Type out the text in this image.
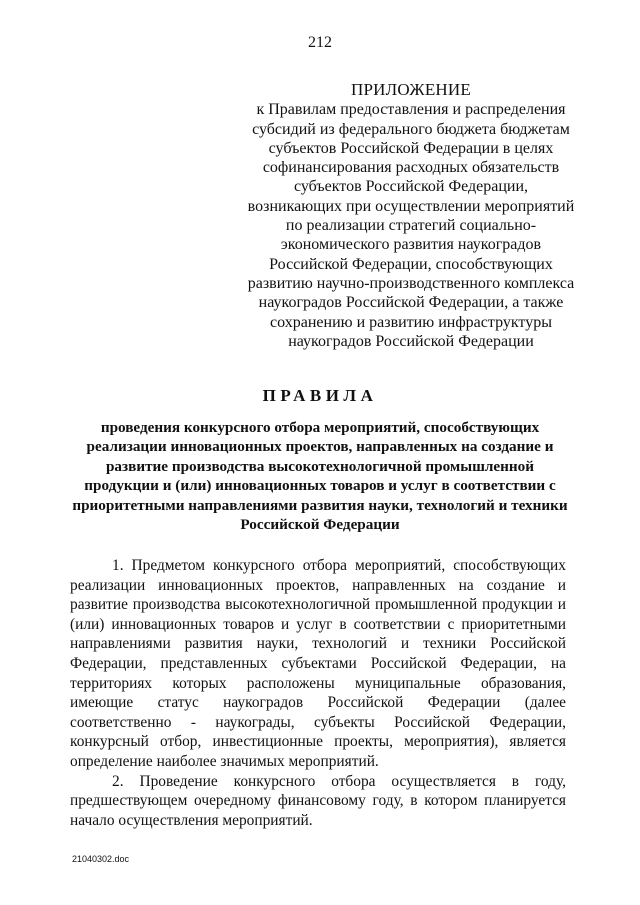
212
ПРИЛОЖЕНИЕ
к Правилам предоставления и распределения субсидий из федерального бюджета бюджетам субъектов Российской Федерации в целях софинансирования расходных обязательств субъектов Российской Федерации, возникающих при осуществлении мероприятий по реализации стратегий социально-экономического развития наукоградов Российской Федерации, способствующих развитию научно-производственного комплекса наукоградов Российской Федерации, а также сохранению и развитию инфраструктуры наукоградов Российской Федерации
ПРАВИЛА
проведения конкурсного отбора мероприятий, способствующих реализации инновационных проектов, направленных на создание и развитие производства высокотехнологичной промышленной продукции и (или) инновационных товаров и услуг в соответствии с приоритетными направлениями развития науки, технологий и техники Российской Федерации

1. Предметом конкурсного отбора мероприятий, способствующих реализации инновационных проектов, направленных на создание и развитие производства высокотехнологичной промышленной продукции и (или) инновационных товаров и услуг в соответствии с приоритетными направлениями развития науки, технологий и техники Российской Федерации, представленных субъектами Российской Федерации, на территориях которых расположены муниципальные образования, имеющие статус наукоградов Российской Федерации (далее соответственно - наукограды, субъекты Российской Федерации, конкурсный отбор, инвестиционные проекты, мероприятия), является определение наиболее значимых мероприятий.

2. Проведение конкурсного отбора осуществляется в году, предшествующем очередному финансовому году, в котором планируется начало осуществления мероприятий.

21040302.doc
